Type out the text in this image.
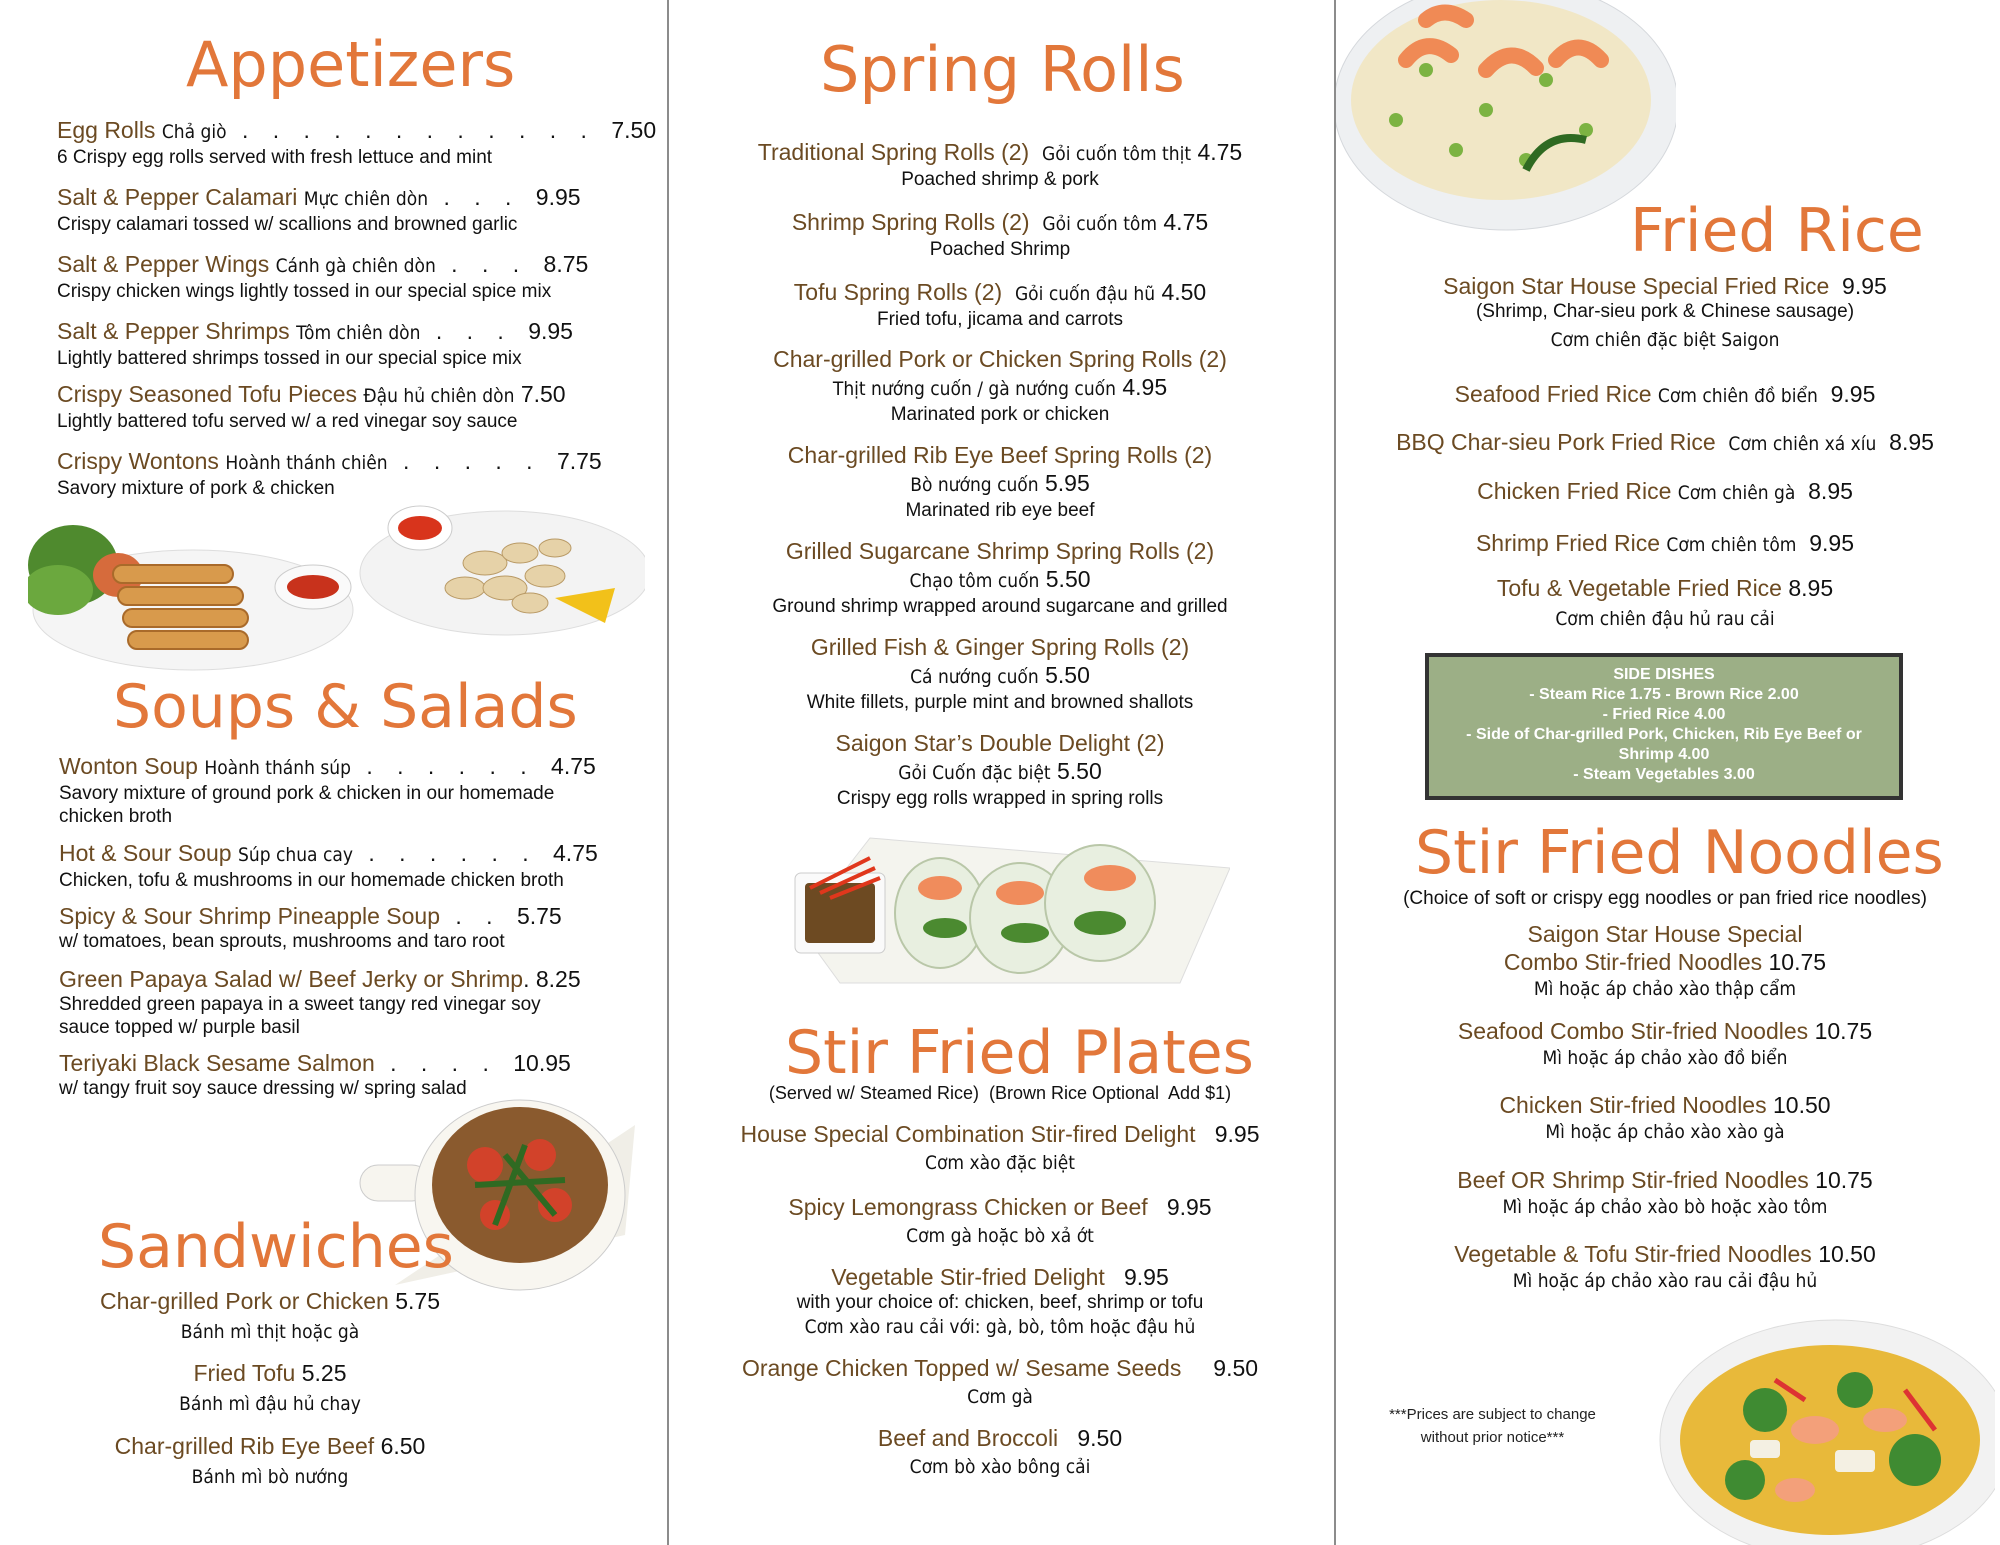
Appetizers
Egg Rolls Chả giò . . . . . . . . . . . . 7.50
6 Crispy egg rolls served with fresh lettuce and mint
Salt & Pepper Calamari Mực chiên dòn . . . 9.95
Crispy calamari tossed w/ scallions and browned garlic
Salt & Pepper Wings Cánh gà chiên dòn . . . 8.75
Crispy chicken wings lightly tossed in our special spice mix
Salt & Pepper Shrimps Tôm chiên dòn . . . 9.95
Lightly battered shrimps tossed in our special spice mix
Crispy Seasoned Tofu Pieces Đậu hủ chiên dòn 7.50
Lightly battered tofu served w/ a red vinegar soy sauce
Crispy Wontons Hoành thánh chiên . . . . . 7.75
Savory mixture of pork & chicken
Soups & Salads
Wonton Soup Hoành thánh súp . . . . . . 4.75
Savory mixture of ground pork & chicken in our homemade
chicken broth
Hot & Sour Soup Súp chua cay . . . . . . 4.75
Chicken, tofu & mushrooms in our homemade chicken broth
Spicy & Sour Shrimp Pineapple Soup . . 5.75
w/ tomatoes, bean sprouts, mushrooms and taro root
Green Papaya Salad w/ Beef Jerky or Shrimp. 8.25
Shredded green papaya in a sweet tangy red vinegar soy
sauce topped w/ purple basil
Teriyaki Black Sesame Salmon . . . . 10.95
w/ tangy fruit soy sauce dressing w/ spring salad
Sandwiches
Char-grilled Pork or Chicken 5.75
Bánh mì thịt hoặc gà
Fried Tofu 5.25
Bánh mì đậu hủ chay
Char-grilled Rib Eye Beef 6.50
Bánh mì bò nướng
Spring Rolls
Traditional Spring Rolls (2) Gỏi cuốn tôm thịt 4.75
Poached shrimp & pork
Shrimp Spring Rolls (2) Gỏi cuốn tôm 4.75
Poached Shrimp
Tofu Spring Rolls (2) Gỏi cuốn đậu hũ 4.50
Fried tofu, jicama and carrots
Char-grilled Pork or Chicken Spring Rolls (2)
Thịt nướng cuốn / gà nướng cuốn 4.95
Marinated pork or chicken
Char-grilled Rib Eye Beef Spring Rolls (2)
Bò nướng cuốn 5.95
Marinated rib eye beef
Grilled Sugarcane Shrimp Spring Rolls (2)
Chạo tôm cuốn 5.50
Ground shrimp wrapped around sugarcane and grilled
Grilled Fish & Ginger Spring Rolls (2)
Cá nướng cuốn 5.50
White fillets, purple mint and browned shallots
Saigon Star’s Double Delight (2)
Gỏi Cuốn đặc biệt 5.50
Crispy egg rolls wrapped in spring rolls
Stir Fried Plates
(Served w/ Steamed Rice)  (Brown Rice Optional  Add $1)
House Special Combination Stir-fired Delight 9.95
Cơm xào đặc biệt
Spicy Lemongrass Chicken or Beef 9.95
Cơm gà hoặc bò xả ớt
Vegetable Stir-fried Delight 9.95
with your choice of: chicken, beef, shrimp or tofu
Cơm xào rau cải với: gà, bò, tôm hoặc đậu hủ
Orange Chicken Topped w/ Sesame Seeds 9.50
Cơm gà
Beef and Broccoli 9.50
Cơm bò xào bông cải
Fried Rice
Saigon Star House Special Fried Rice 9.95
(Shrimp, Char-sieu pork & Chinese sausage)
Cơm chiên đặc biệt Saigon
Seafood Fried Rice Cơm chiên đồ biển 9.95
BBQ Char-sieu Pork Fried Rice Cơm chiên xá xíu 8.95
Chicken Fried Rice Cơm chiên gà 8.95
Shrimp Fried Rice Cơm chiên tôm 9.95
Tofu & Vegetable Fried Rice 8.95
Cơm chiên đậu hủ rau cải
SIDE DISHES
- Steam Rice 1.75 - Brown Rice 2.00
- Fried Rice 4.00
- Side of Char-grilled Pork, Chicken, Rib Eye Beef or
Shrimp 4.00
- Steam Vegetables 3.00
Stir Fried Noodles
(Choice of soft or crispy egg noodles or pan fried rice noodles)
Saigon Star House Special
Combo Stir-fried Noodles 10.75
Mì hoặc áp chảo xào thập cẩm
Seafood Combo Stir-fried Noodles 10.75
Mì hoặc áp chảo xào đồ biển
Chicken Stir-fried Noodles 10.50
Mì hoặc áp chảo xào xào gà
Beef OR Shrimp Stir-fried Noodles 10.75
Mì hoặc áp chảo xào bò hoặc xào tôm
Vegetable & Tofu Stir-fried Noodles 10.50
Mì hoặc áp chảo xào rau cải đậu hủ
***Prices are subject to change
without prior notice***
